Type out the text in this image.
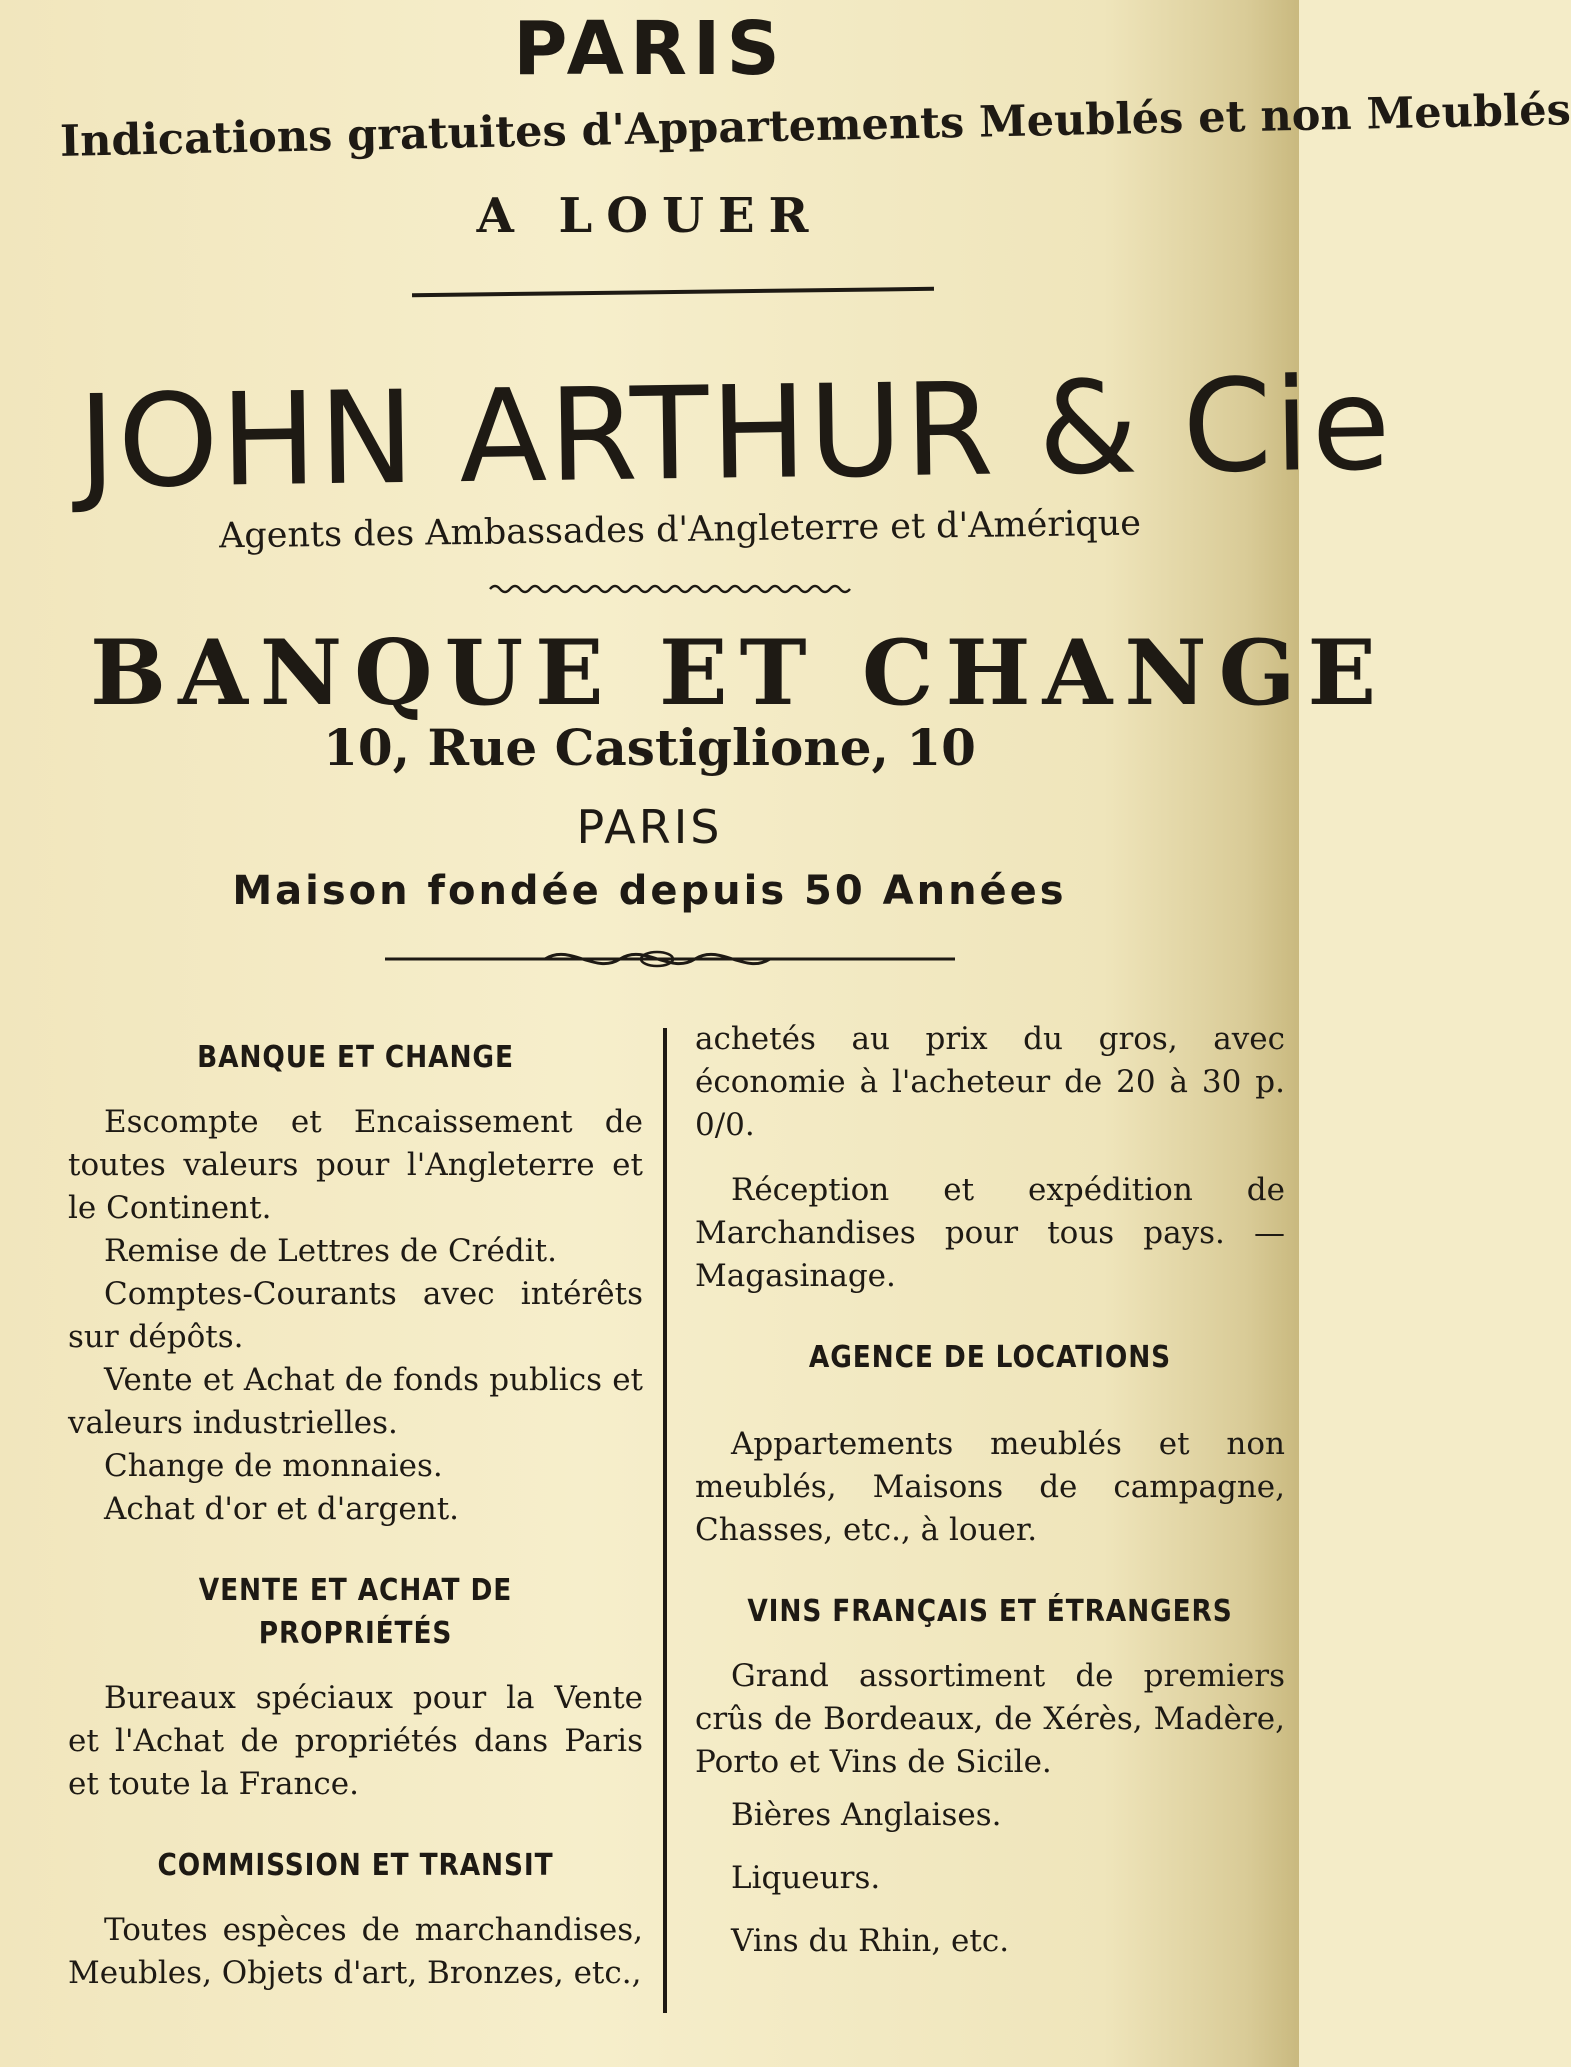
PARIS
Indications gratuites d'Appartements Meublés et non Meublés
A LOUER
JOHN ARTHUR & Cie
Agents des Ambassades d'Angleterre et d'Amérique
BANQUE ET CHANGE
10, Rue Castiglione, 10
PARIS
Maison fondée depuis 50 Années
BANQUE ET CHANGE
Escompte et Encaissement de toutes valeurs pour l'Angleterre et le Continent.
Remise de Lettres de Crédit.
Comptes-Courants avec intérêts sur dépôts.
Vente et Achat de fonds publics et valeurs industrielles.
Change de monnaies.
Achat d'or et d'argent.
VENTE ET ACHAT DE PROPRIÉTÉS
Bureaux spéciaux pour la Vente et l'Achat de propriétés dans Paris et toute la France.
COMMISSION ET TRANSIT
Toutes espèces de marchandises, Meubles, Objets d'art, Bronzes, etc.,
achetés au prix du gros, avec économie à l'acheteur de 20 à 30 p. 0/0.
Réception et expédition de Marchandises pour tous pays. — Magasinage.
AGENCE DE LOCATIONS
Appartements meublés et non meublés, Maisons de campagne, Chasses, etc., à louer.
VINS FRANÇAIS ET ÉTRANGERS
Grand assortiment de premiers crûs de Bordeaux, de Xérès, Madère, Porto et Vins de Sicile.
Bières Anglaises.
Liqueurs.
Vins du Rhin, etc.
